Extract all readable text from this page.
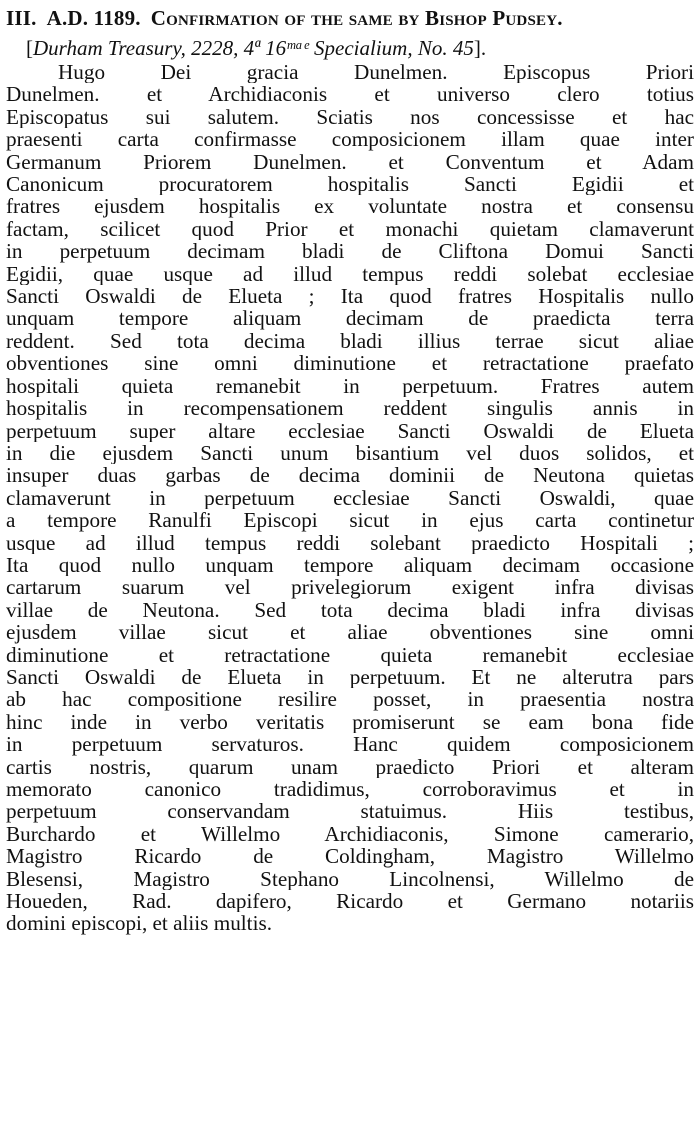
III. A.D. 1189. Confirmation of the same by Bishop Pudsey.

[Durham Treasury, 2228, 4ª 16ᵐᵃᵉ Specialium, No. 45].

Hugo Dei gracia Dunelmen. Episcopus Priori
Dunelmen. et Archidiaconis et universo clero totius
Episcopatus sui salutem. Sciatis nos concessisse et hac
praesenti carta confirmasse composicionem illam quae inter
Germanum Priorem Dunelmen. et Conventum et Adam
Canonicum procuratorem hospitalis Sancti Egidii et
fratres ejusdem hospitalis ex voluntate nostra et consensu
factam, scilicet quod Prior et monachi quietam clamaverunt
in perpetuum decimam bladi de Cliftona Domui Sancti
Egidii, quae usque ad illud tempus reddi solebat ecclesiae
Sancti Oswaldi de Elueta ; Ita quod fratres Hospitalis nullo
unquam tempore aliquam decimam de praedicta terra
reddent. Sed tota decima bladi illius terrae sicut aliae
obventiones sine omni diminutione et retractatione praefato
hospitali quieta remanebit in perpetuum. Fratres autem
hospitalis in recompensationem reddent singulis annis in
perpetuum super altare ecclesiae Sancti Oswaldi de Elueta
in die ejusdem Sancti unum bisantium vel duos solidos, et
insuper duas garbas de decima dominii de Neutona quietas
clamaverunt in perpetuum ecclesiae Sancti Oswaldi, quae
a tempore Ranulfi Episcopi sicut in ejus carta continetur
usque ad illud tempus reddi solebant praedicto Hospitali ;
Ita quod nullo unquam tempore aliquam decimam occasione
cartarum suarum vel privelegiorum exigent infra divisas
villae de Neutona. Sed tota decima bladi infra divisas
ejusdem villae sicut et aliae obventiones sine omni
diminutione et retractatione quieta remanebit ecclesiae
Sancti Oswaldi de Elueta in perpetuum. Et ne alterutra pars
ab hac compositione resilire posset, in praesentia nostra
hinc inde in verbo veritatis promiserunt se eam bona fide
in perpetuum servaturos. Hanc quidem composicionem
cartis nostris, quarum unam praedicto Priori et alteram
memorato canonico tradidimus, corroboravimus et in
perpetuum conservandam statuimus. Hiis testibus,
Burchardo et Willelmo Archidiaconis, Simone camerario,
Magistro Ricardo de Coldingham, Magistro Willelmo
Blesensi, Magistro Stephano Lincolnensi, Willelmo de
Houeden, Rad. dapifero, Ricardo et Germano notariis
domini episcopi, et aliis multis.
